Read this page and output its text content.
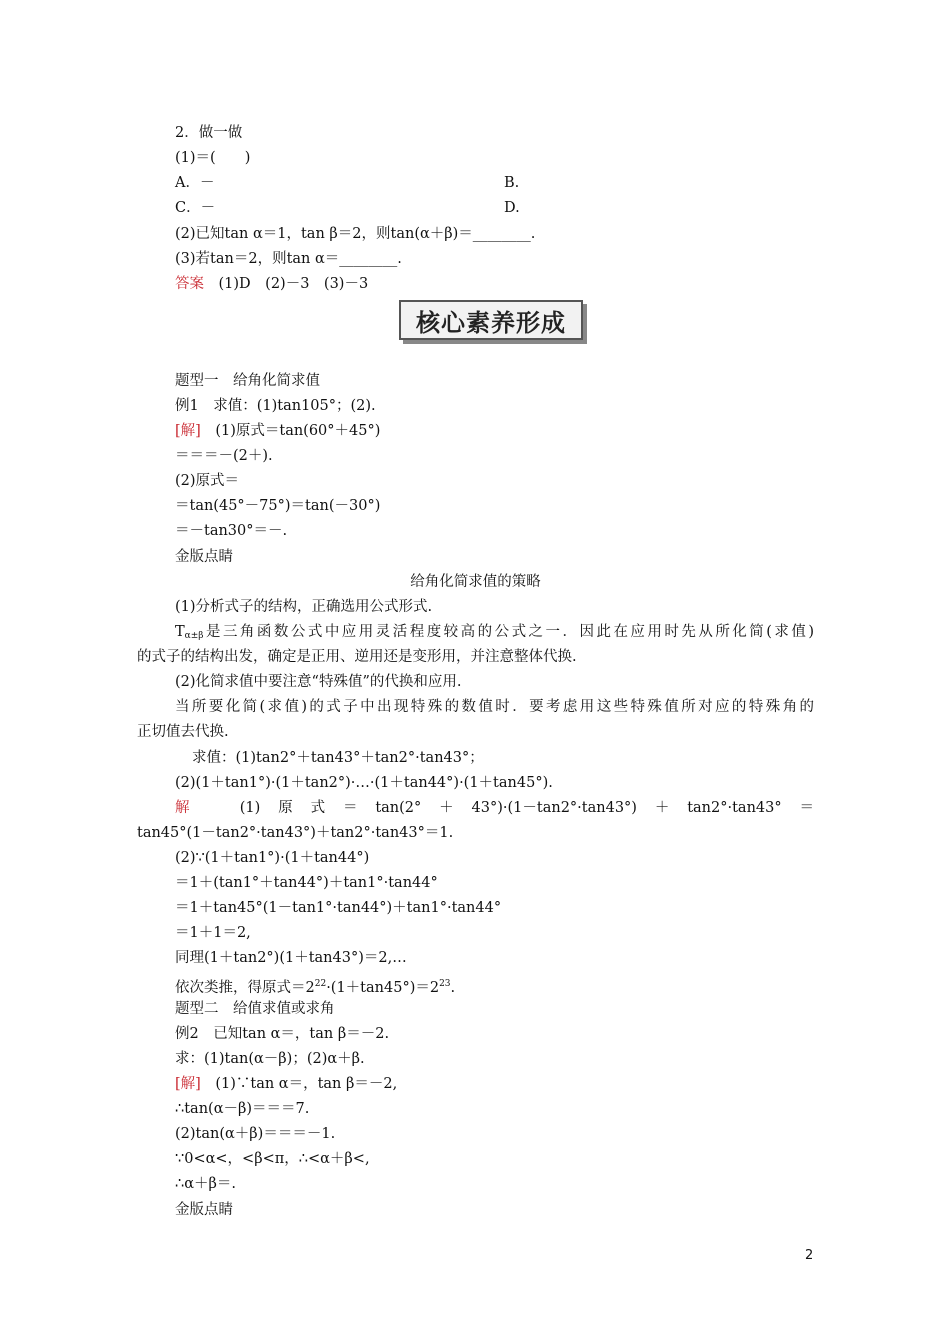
2．做一做
(1)＝(　　)
A．－	B.
C．－	D.
(2)已知tan α＝1，tan β＝2，则tan(α＋β)＝________.
(3)若tan＝2，则tan α＝________.
答案　(1)D　(2)－3　(3)－3
核心素养形成
题型一　给角化简求值
例1　求值：(1)tan105°；(2).
[解]　(1)原式＝tan(60°＋45°)
＝＝＝－(2＋).
(2)原式＝
＝tan(45°－75°)＝tan(－30°)
＝－tan30°＝－.
金版点睛
给角化简求值的策略
(1)分析式子的结构，正确选用公式形式.
$T_{\alpha\pm\beta}$是三角函数公式中应用灵活程度较高的公式之一．因此在应用时先从所化简(求值)
的式子的结构出发，确定是正用、逆用还是变形用，并注意整体代换.
(2)化简求值中要注意“特殊值”的代换和应用.
当所要化简(求值)的式子中出现特殊的数值时．要考虑用这些特殊值所对应的特殊角的
正切值去代换.
求值：(1)tan2°＋tan43°＋tan2°·tan43°；
(2)(1＋tan1°)·(1＋tan2°)·…·(1＋tan44°)·(1＋tan45°).
解　(1)原式＝tan(2°＋43°)·(1－tan2°·tan43°)＋tan2°·tan43°＝
tan45°(1－tan2°·tan43°)＋tan2°·tan43°＝1.
(2)∵(1＋tan1°)·(1＋tan44°)
＝1＋(tan1°＋tan44°)＋tan1°·tan44°
＝1＋tan45°(1－tan1°·tan44°)＋tan1°·tan44°
＝1＋1＝2,
同理(1＋tan2°)(1＋tan43°)＝2,…
依次类推，得原式$=2^{22}\cdot(1+\tan 45^\circ)=2^{23}$.
题型二　给值求值或求角
例2　已知tan α＝，tan β＝－2.
求：(1)tan(α－β)；(2)α＋β.
[解]　(1)∵tan α＝，tan β＝－2,
∴tan(α－β)＝＝＝7.
(2)tan(α＋β)＝＝＝－1.
∵0<α<，<β<π，∴<α＋β<,
∴α＋β＝.
金版点睛
2
